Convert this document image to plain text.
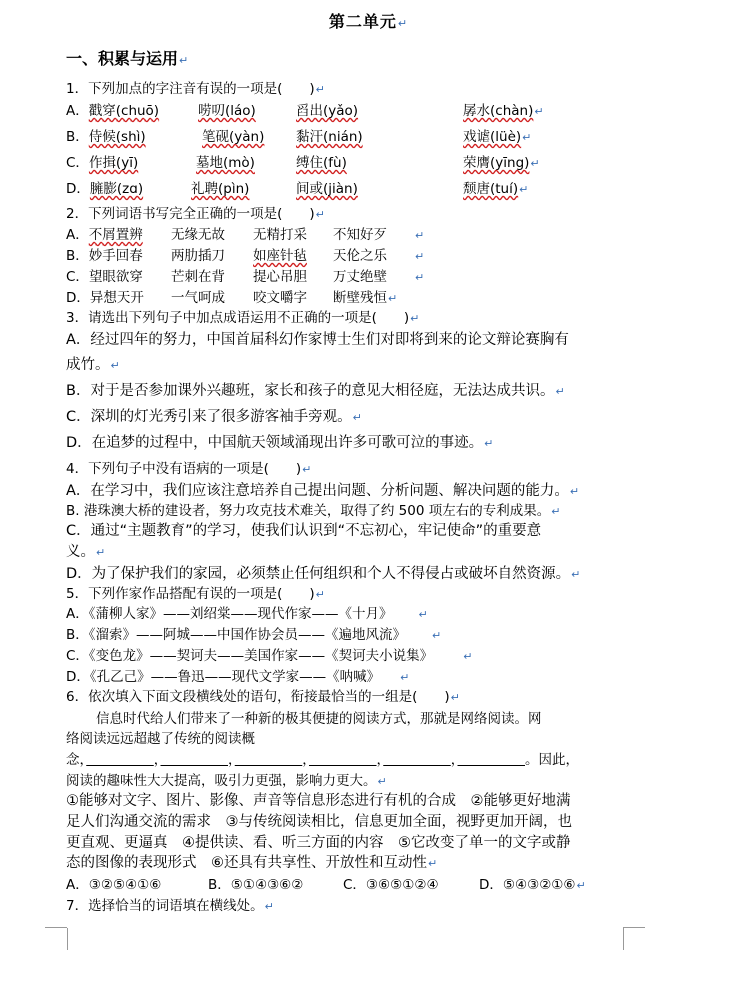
第二单元↵
一、积累与运用↵
1．下列加点的字注音有误的一项是(　　)↵
A．戳穿(chuō)	唠叨(láo)	舀出(yǎo)	孱水(chàn)↵
B．侍候(shì)	笔砚(yàn) 黏汗(nián)	戏谑(lüè)↵
C．作揖(yī)	墓地(mò)	缚住(fù)	荣膺(yīng)↵
D．臃膨(zɑ)	礼聘(pìn)	间或(jiàn)	颓唐(tuí)↵
2．下列词语书写完全正确的一项是(　　)↵
A．不屑置辨 无缘无故 无精打采 不知好歹	↵
B．妙手回春 两肋插刀 如座针毡 天伦之乐	↵
C．望眼欲穿 芒刺在背 提心吊胆 万丈绝壁	↵
D．异想天开 一气呵成 咬文嚼字 断壁残恒↵
3．请选出下列句子中加点成语运用不正确的一项是(　　)↵
A．经过四年的努力，中国首届科幻作家博士生们对即将到来的论文辩论赛胸有
成竹。↵
B．对于是否参加课外兴趣班，家长和孩子的意见大相径庭，无法达成共识。↵
C．深圳的灯光秀引来了很多游客袖手旁观。↵
D．在追梦的过程中，中国航天领域涌现出许多可歌可泣的事迹。↵
4．下列句子中没有语病的一项是(　　)↵
A．在学习中，我们应该注意培养自己提出问题、分析问题、解决问题的能力。↵
B. 港珠澳大桥的建设者，努力攻克技术难关，取得了约 500 项左右的专利成果。↵
C．通过“主题教育”的学习，使我们认识到“不忘初心，牢记使命”的重要意
义。↵
D．为了保护我们的家园，必须禁止任何组织和个人不得侵占或破坏自然资源。↵
5．下列作家作品搭配有误的一项是(　　)↵
A．《蒲柳人家》——刘绍棠——现代作家——《十月》 ↵
B．《溜索》——阿城——中国作协会员——《遍地风流》 ↵
C．《变色龙》——契诃夫——美国作家——《契诃夫小说集》	↵
D．《孔乙己》——鲁迅——现代文学家——《呐喊》 ↵
6．依次填入下面文段横线处的语句，衔接最恰当的一组是(　　)↵
信息时代给人们带来了一种新的极其便捷的阅读方式，那就是网络阅读。网
络阅读远远超越了传统的阅读概
念，　　　　　	，　　　　　	，　　　　　	，　　　　　	，　　　　　	，　　　　　	。因此，
阅读的趣味性大大提高，吸引力更强，影响力更大。↵
①能够对文字、图片、影像、声音等信息形态进行有机的合成　②能够更好地满
足人们沟通交流的需求　③与传统阅读相比，信息更加全面，视野更加开阔，也
更直观、更逼真　④提供读、看、听三方面的内容　⑤它改变了单一的文字或静
态的图像的表现形式　⑥还具有共享性、开放性和互动性↵
A．③②⑤④①⑥	B．⑤①④③⑥②	C．③⑥⑤①②④	D．⑤④③②①⑥↵
7．选择恰当的词语填在横线处。↵
